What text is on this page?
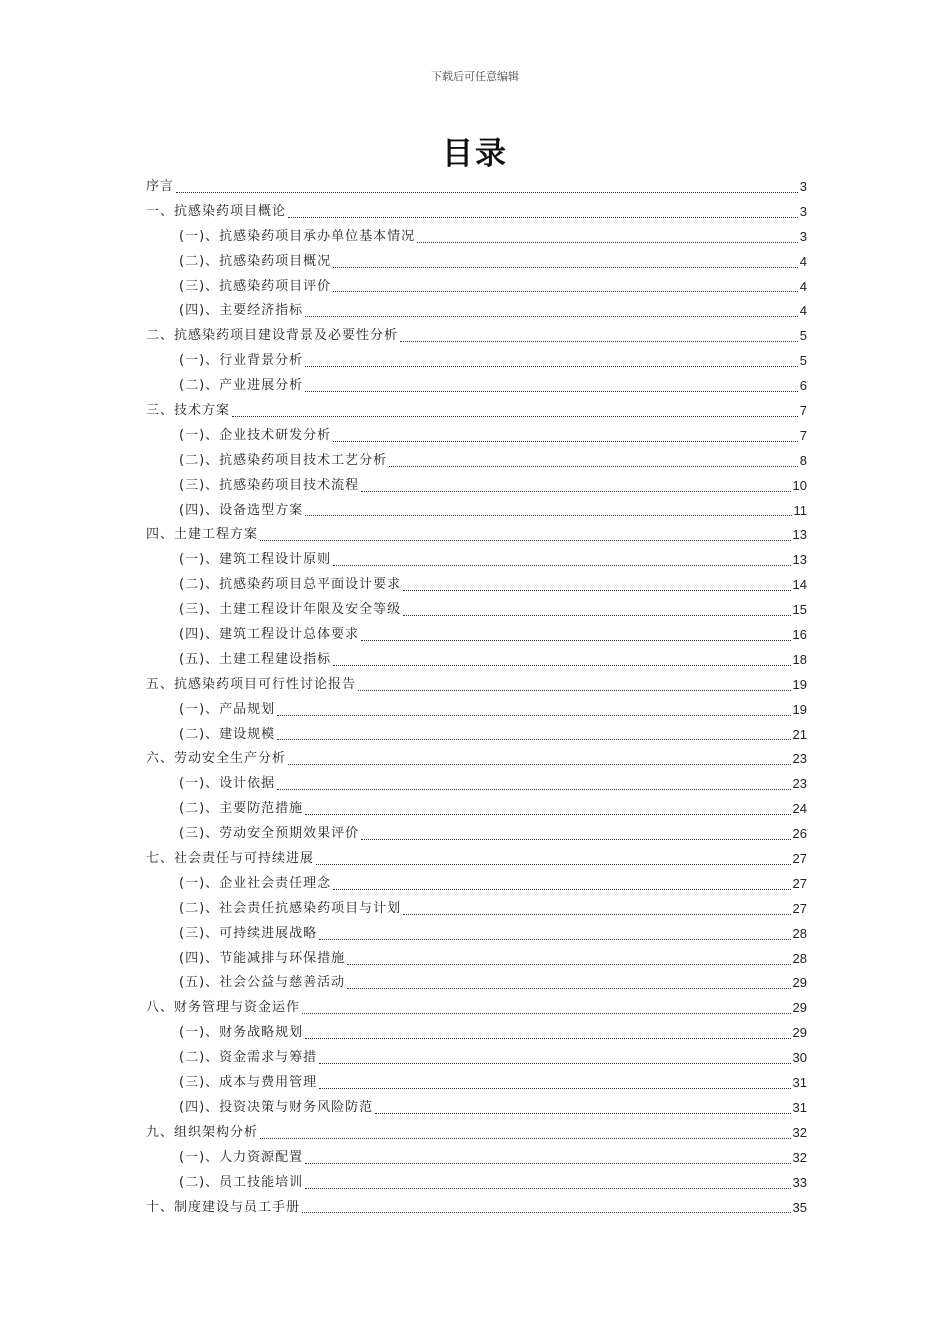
下载后可任意编辑
目录
序言	3
一、抗感染药项目概论	3
(一)、抗感染药项目承办单位基本情况	3
(二)、抗感染药项目概况	4
(三)、抗感染药项目评价	4
(四)、主要经济指标	4
二、抗感染药项目建设背景及必要性分析	5
(一)、行业背景分析	5
(二)、产业进展分析	6
三、技术方案	7
(一)、企业技术研发分析	7
(二)、抗感染药项目技术工艺分析	8
(三)、抗感染药项目技术流程	10
(四)、设备选型方案	11
四、土建工程方案	13
(一)、建筑工程设计原则	13
(二)、抗感染药项目总平面设计要求	14
(三)、土建工程设计年限及安全等级	15
(四)、建筑工程设计总体要求	16
(五)、土建工程建设指标	18
五、抗感染药项目可行性讨论报告	19
(一)、产品规划	19
(二)、建设规模	21
六、劳动安全生产分析	23
(一)、设计依据	23
(二)、主要防范措施	24
(三)、劳动安全预期效果评价	26
七、社会责任与可持续进展	27
(一)、企业社会责任理念	27
(二)、社会责任抗感染药项目与计划	27
(三)、可持续进展战略	28
(四)、节能减排与环保措施	28
(五)、社会公益与慈善活动	29
八、财务管理与资金运作	29
(一)、财务战略规划	29
(二)、资金需求与筹措	30
(三)、成本与费用管理	31
(四)、投资决策与财务风险防范	31
九、组织架构分析	32
(一)、人力资源配置	32
(二)、员工技能培训	33
十、制度建设与员工手册	35
